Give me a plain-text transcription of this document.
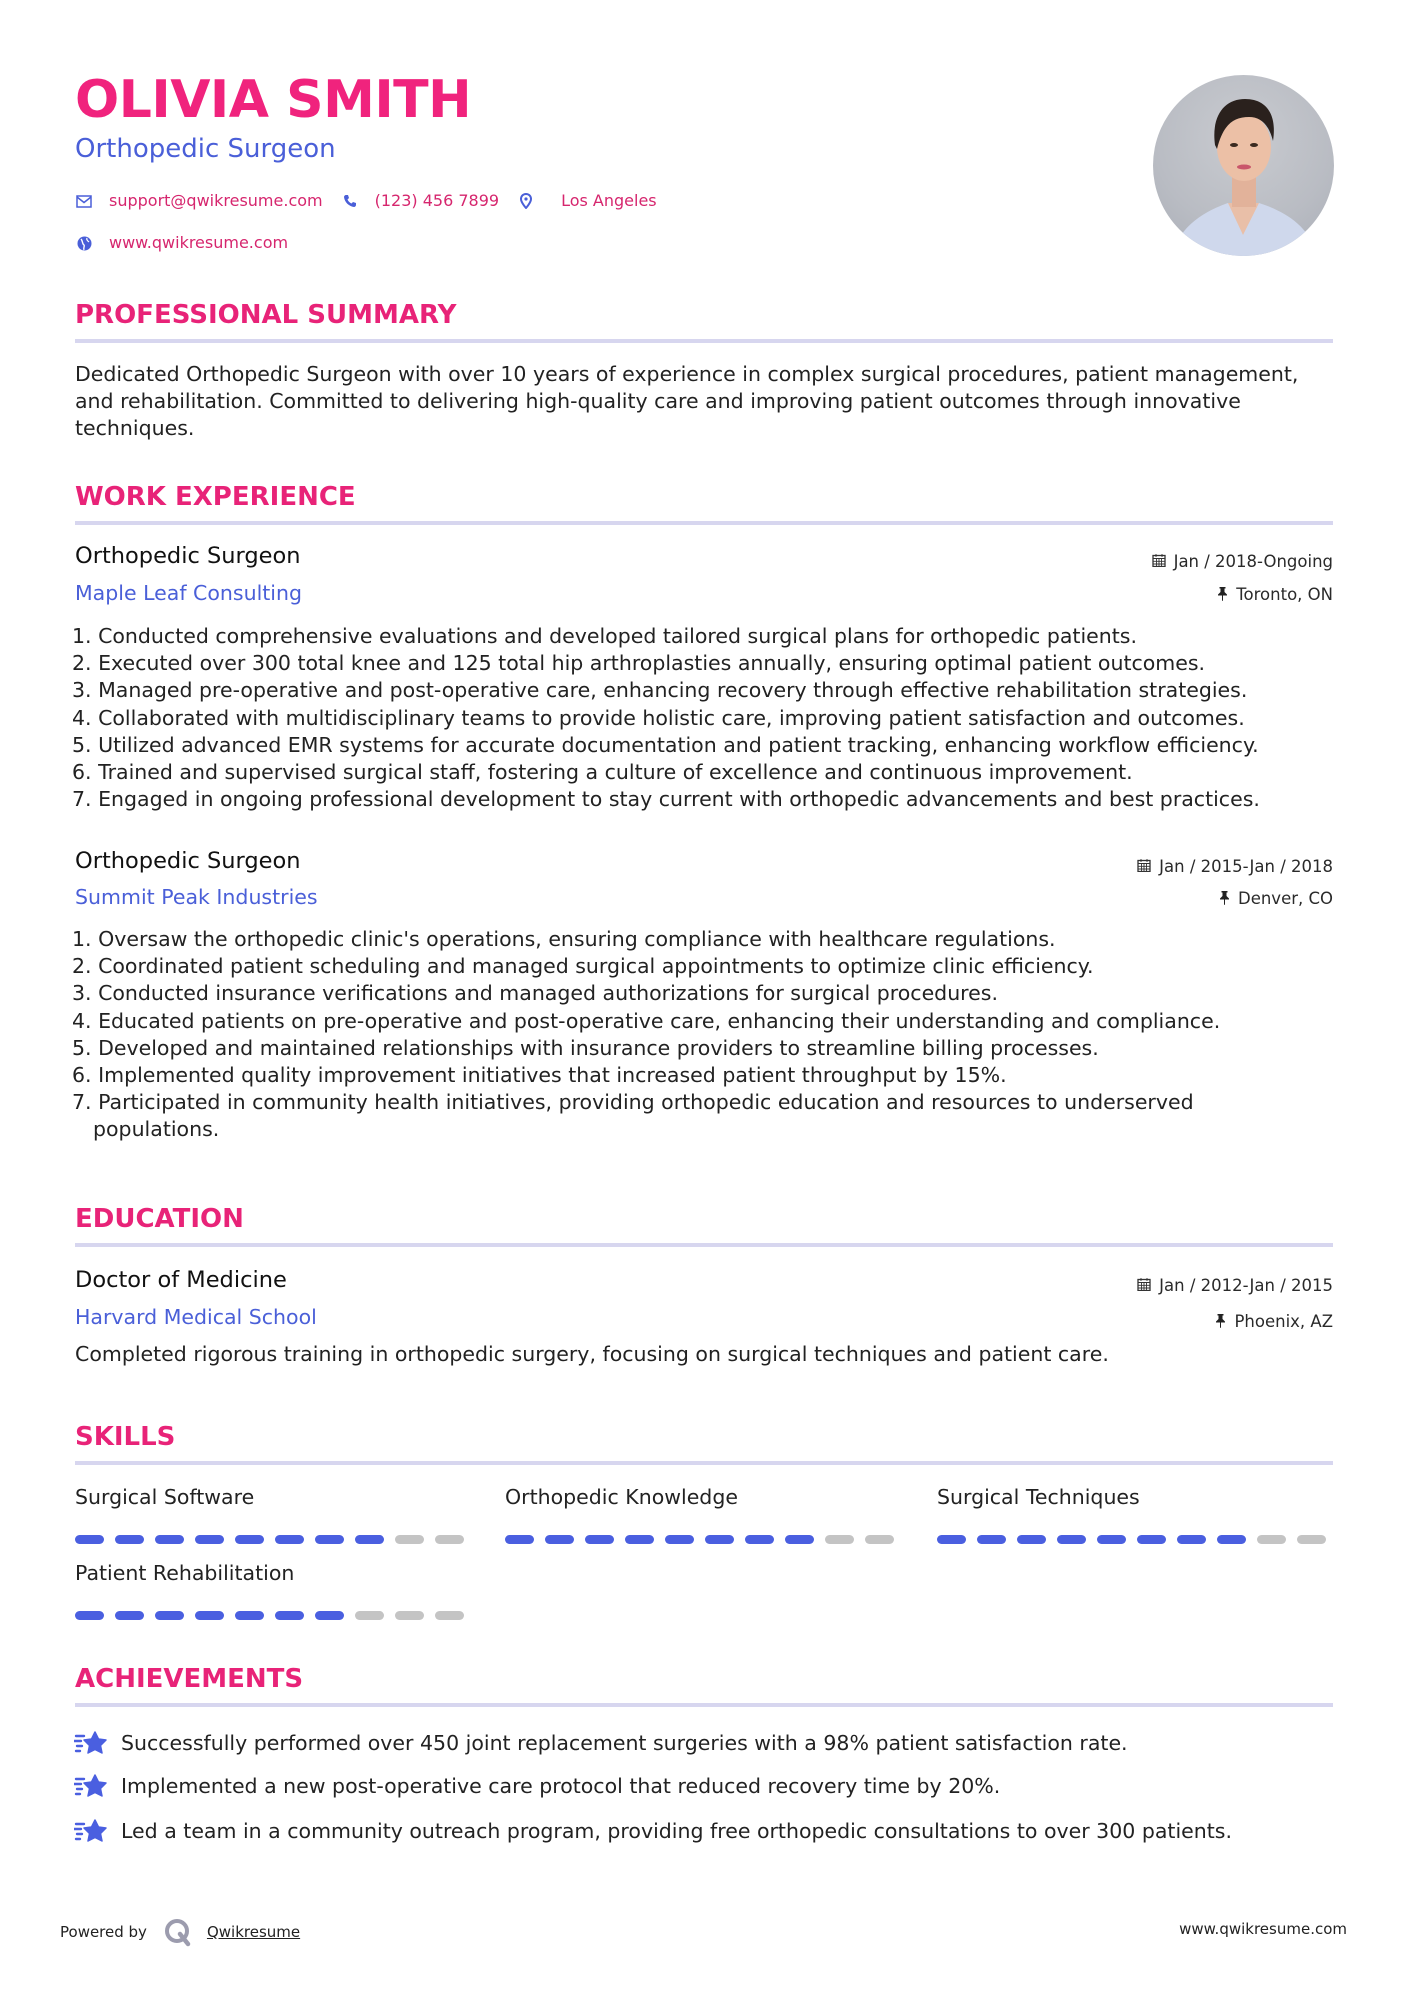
OLIVIA SMITH
Orthopedic Surgeon
support@qwikresume.com	(123) 456 7899	Los Angeles
www.qwikresume.com
PROFESSIONAL SUMMARY
Dedicated Orthopedic Surgeon with over 10 years of experience in complex surgical procedures, patient management, and rehabilitation. Committed to delivering high-quality care and improving patient outcomes through innovative techniques.
WORK EXPERIENCE
Orthopedic Surgeon	Jan / 2018-Ongoing
Maple Leaf Consulting	Toronto, ON
1. Conducted comprehensive evaluations and developed tailored surgical plans for orthopedic patients.
2. Executed over 300 total knee and 125 total hip arthroplasties annually, ensuring optimal patient outcomes.
3. Managed pre-operative and post-operative care, enhancing recovery through effective rehabilitation strategies.
4. Collaborated with multidisciplinary teams to provide holistic care, improving patient satisfaction and outcomes.
5. Utilized advanced EMR systems for accurate documentation and patient tracking, enhancing workflow efficiency.
6. Trained and supervised surgical staff, fostering a culture of excellence and continuous improvement.
7. Engaged in ongoing professional development to stay current with orthopedic advancements and best practices.
Orthopedic Surgeon	Jan / 2015-Jan / 2018
Summit Peak Industries	Denver, CO
1. Oversaw the orthopedic clinic's operations, ensuring compliance with healthcare regulations.
2. Coordinated patient scheduling and managed surgical appointments to optimize clinic efficiency.
3. Conducted insurance verifications and managed authorizations for surgical procedures.
4. Educated patients on pre-operative and post-operative care, enhancing their understanding and compliance.
5. Developed and maintained relationships with insurance providers to streamline billing processes.
6. Implemented quality improvement initiatives that increased patient throughput by 15%.
7. Participated in community health initiatives, providing orthopedic education and resources to underserved populations.
EDUCATION
Doctor of Medicine	Jan / 2012-Jan / 2015
Harvard Medical School	Phoenix, AZ
Completed rigorous training in orthopedic surgery, focusing on surgical techniques and patient care.
SKILLS
Surgical Software	Orthopedic Knowledge	Surgical Techniques
Patient Rehabilitation
ACHIEVEMENTS
Successfully performed over 450 joint replacement surgeries with a 98% patient satisfaction rate.
Implemented a new post-operative care protocol that reduced recovery time by 20%.
Led a team in a community outreach program, providing free orthopedic consultations to over 300 patients.
Powered by	Qwikresume	www.qwikresume.com
